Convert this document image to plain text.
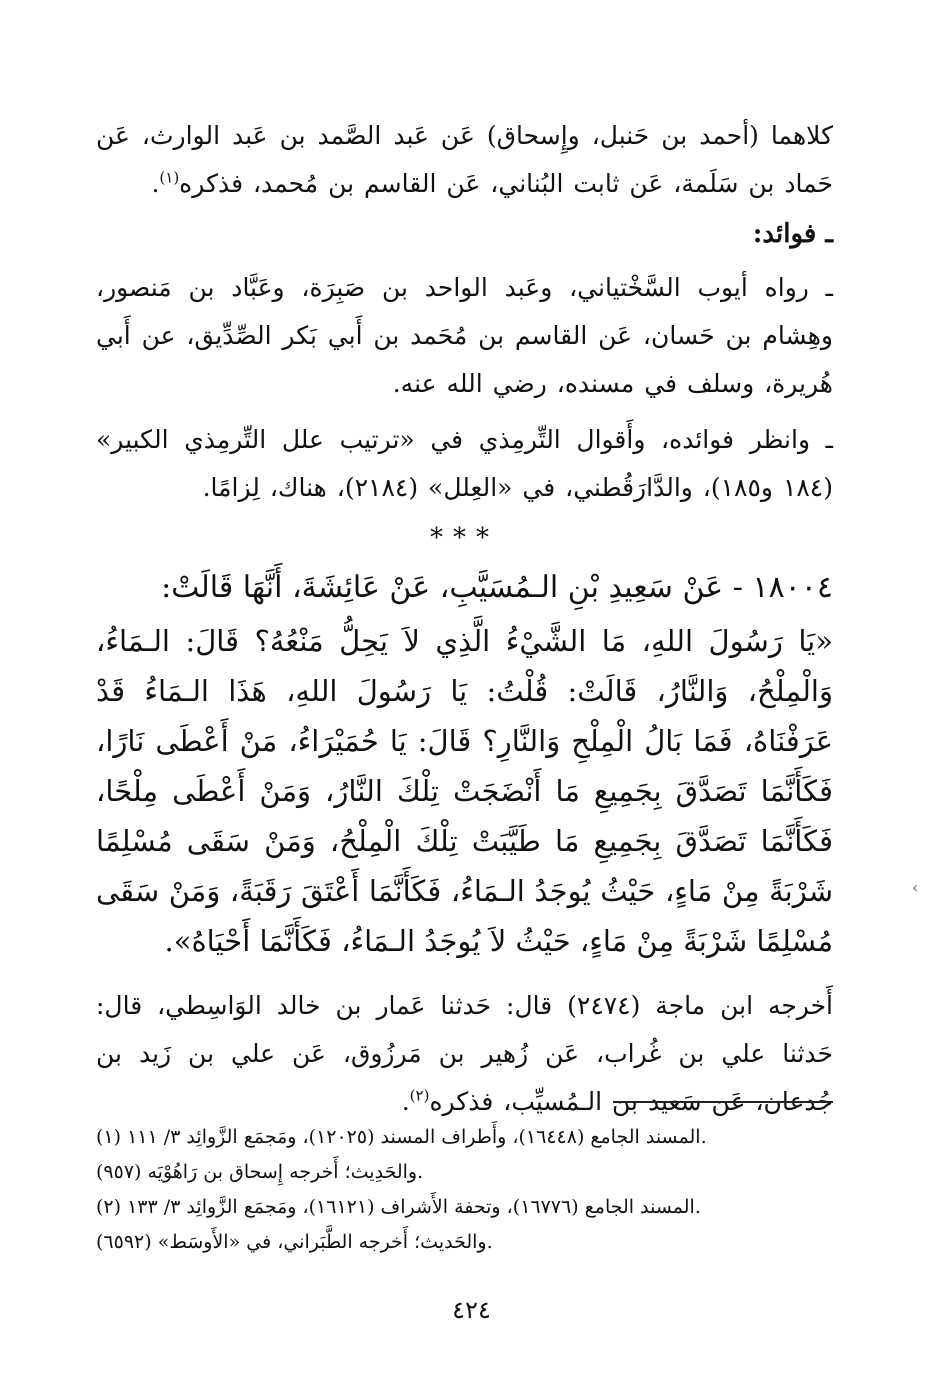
كلاهما (أحمد بن حَنبل، وإِسحاق) عَن عَبد الصَّمد بن عَبد الوارث، عَن حَماد بن سَلَمة، عَن ثابت البُناني، عَن القاسم بن مُحمد، فذكره$^{(١)}$.

ـ فوائد:

ـ رواه أيوب السَّخْتياني، وعَبد الواحد بن صَبِرَة، وعَبَّاد بن مَنصور، وهِشام بن حَسان، عَن القاسم بن مُحَمد بن أَبي بَكر الصِّدِّيق، عن أَبي هُريرة، وسلف في مسنده، رضي الله عنه.

ـ وانظر فوائده، وأَقوال التِّرمِذي في «ترتيب علل التِّرمِذي الكبير» (١٨٤ و١٨٥)، والدَّارَقُطني، في «العِلل» (٢١٨٤)، هناك، لِزامًا.

***
١٨٠٠٤ - عَنْ سَعِيدِ بْنِ الـمُسَيَّبِ، عَنْ عَائِشَةَ، أَنَّهَا قَالَتْ:

«يَا رَسُولَ اللهِ، مَا الشَّيْءُ الَّذِي لاَ يَحِلُّ مَنْعُهُ؟ قَالَ: الـمَاءُ، وَالْمِلْحُ، وَالنَّارُ، قَالَتْ: قُلْتُ: يَا رَسُولَ اللهِ، هَذَا الـمَاءُ قَدْ عَرَفْنَاهُ، فَمَا بَالُ الْمِلْحِ وَالنَّارِ؟ قَالَ: يَا حُمَيْرَاءُ، مَنْ أَعْطَى نَارًا، فَكَأَنَّمَا تَصَدَّقَ بِجَمِيعِ مَا أَنْضَجَتْ تِلْكَ النَّارُ، وَمَنْ أَعْطَى مِلْحًا، فَكَأَنَّمَا تَصَدَّقَ بِجَمِيعِ مَا طَيَّبَتْ تِلْكَ الْمِلْحُ، وَمَنْ سَقَى مُسْلِمًا شَرْبَةً مِنْ مَاءٍ، حَيْثُ يُوجَدُ الـمَاءُ، فَكَأَنَّمَا أَعْتَقَ رَقَبَةً، وَمَنْ سَقَى مُسْلِمًا شَرْبَةً مِنْ مَاءٍ، حَيْثُ لاَ يُوجَدُ الـمَاءُ، فَكَأَنَّمَا أَحْيَاهُ».

أَخرجه ابن ماجة (٢٤٧٤) قال: حَدثنا عَمار بن خالد الوَاسِطي، قال: حَدثنا علي بن غُراب، عَن زُهير بن مَرزُوق، عَن علي بن زَيد بن جُدعان، عَن سَعيد بن الـمُسيِّب، فذكره$^{(٢)}$.

(١) المسند الجامع (١٦٤٤٨)، وأَطراف المسند (١٢٠٢٥)، ومَجمَع الزَّوائِد ٣/ ١١١.

والحَدِيث؛ أَخرجه إِسحاق بن رَاهُوْيَه (٩٥٧).

(٢) المسند الجامع (١٦٧٧٦)، وتحفة الأَشراف (١٦١٢١)، ومَجمَع الزَّوائِد ٣/ ١٣٣.

والحَديث؛ أَخرجه الطَّبَراني، في «الأَوسَط» (٦٥٩٢).

٤٢٤
‹
